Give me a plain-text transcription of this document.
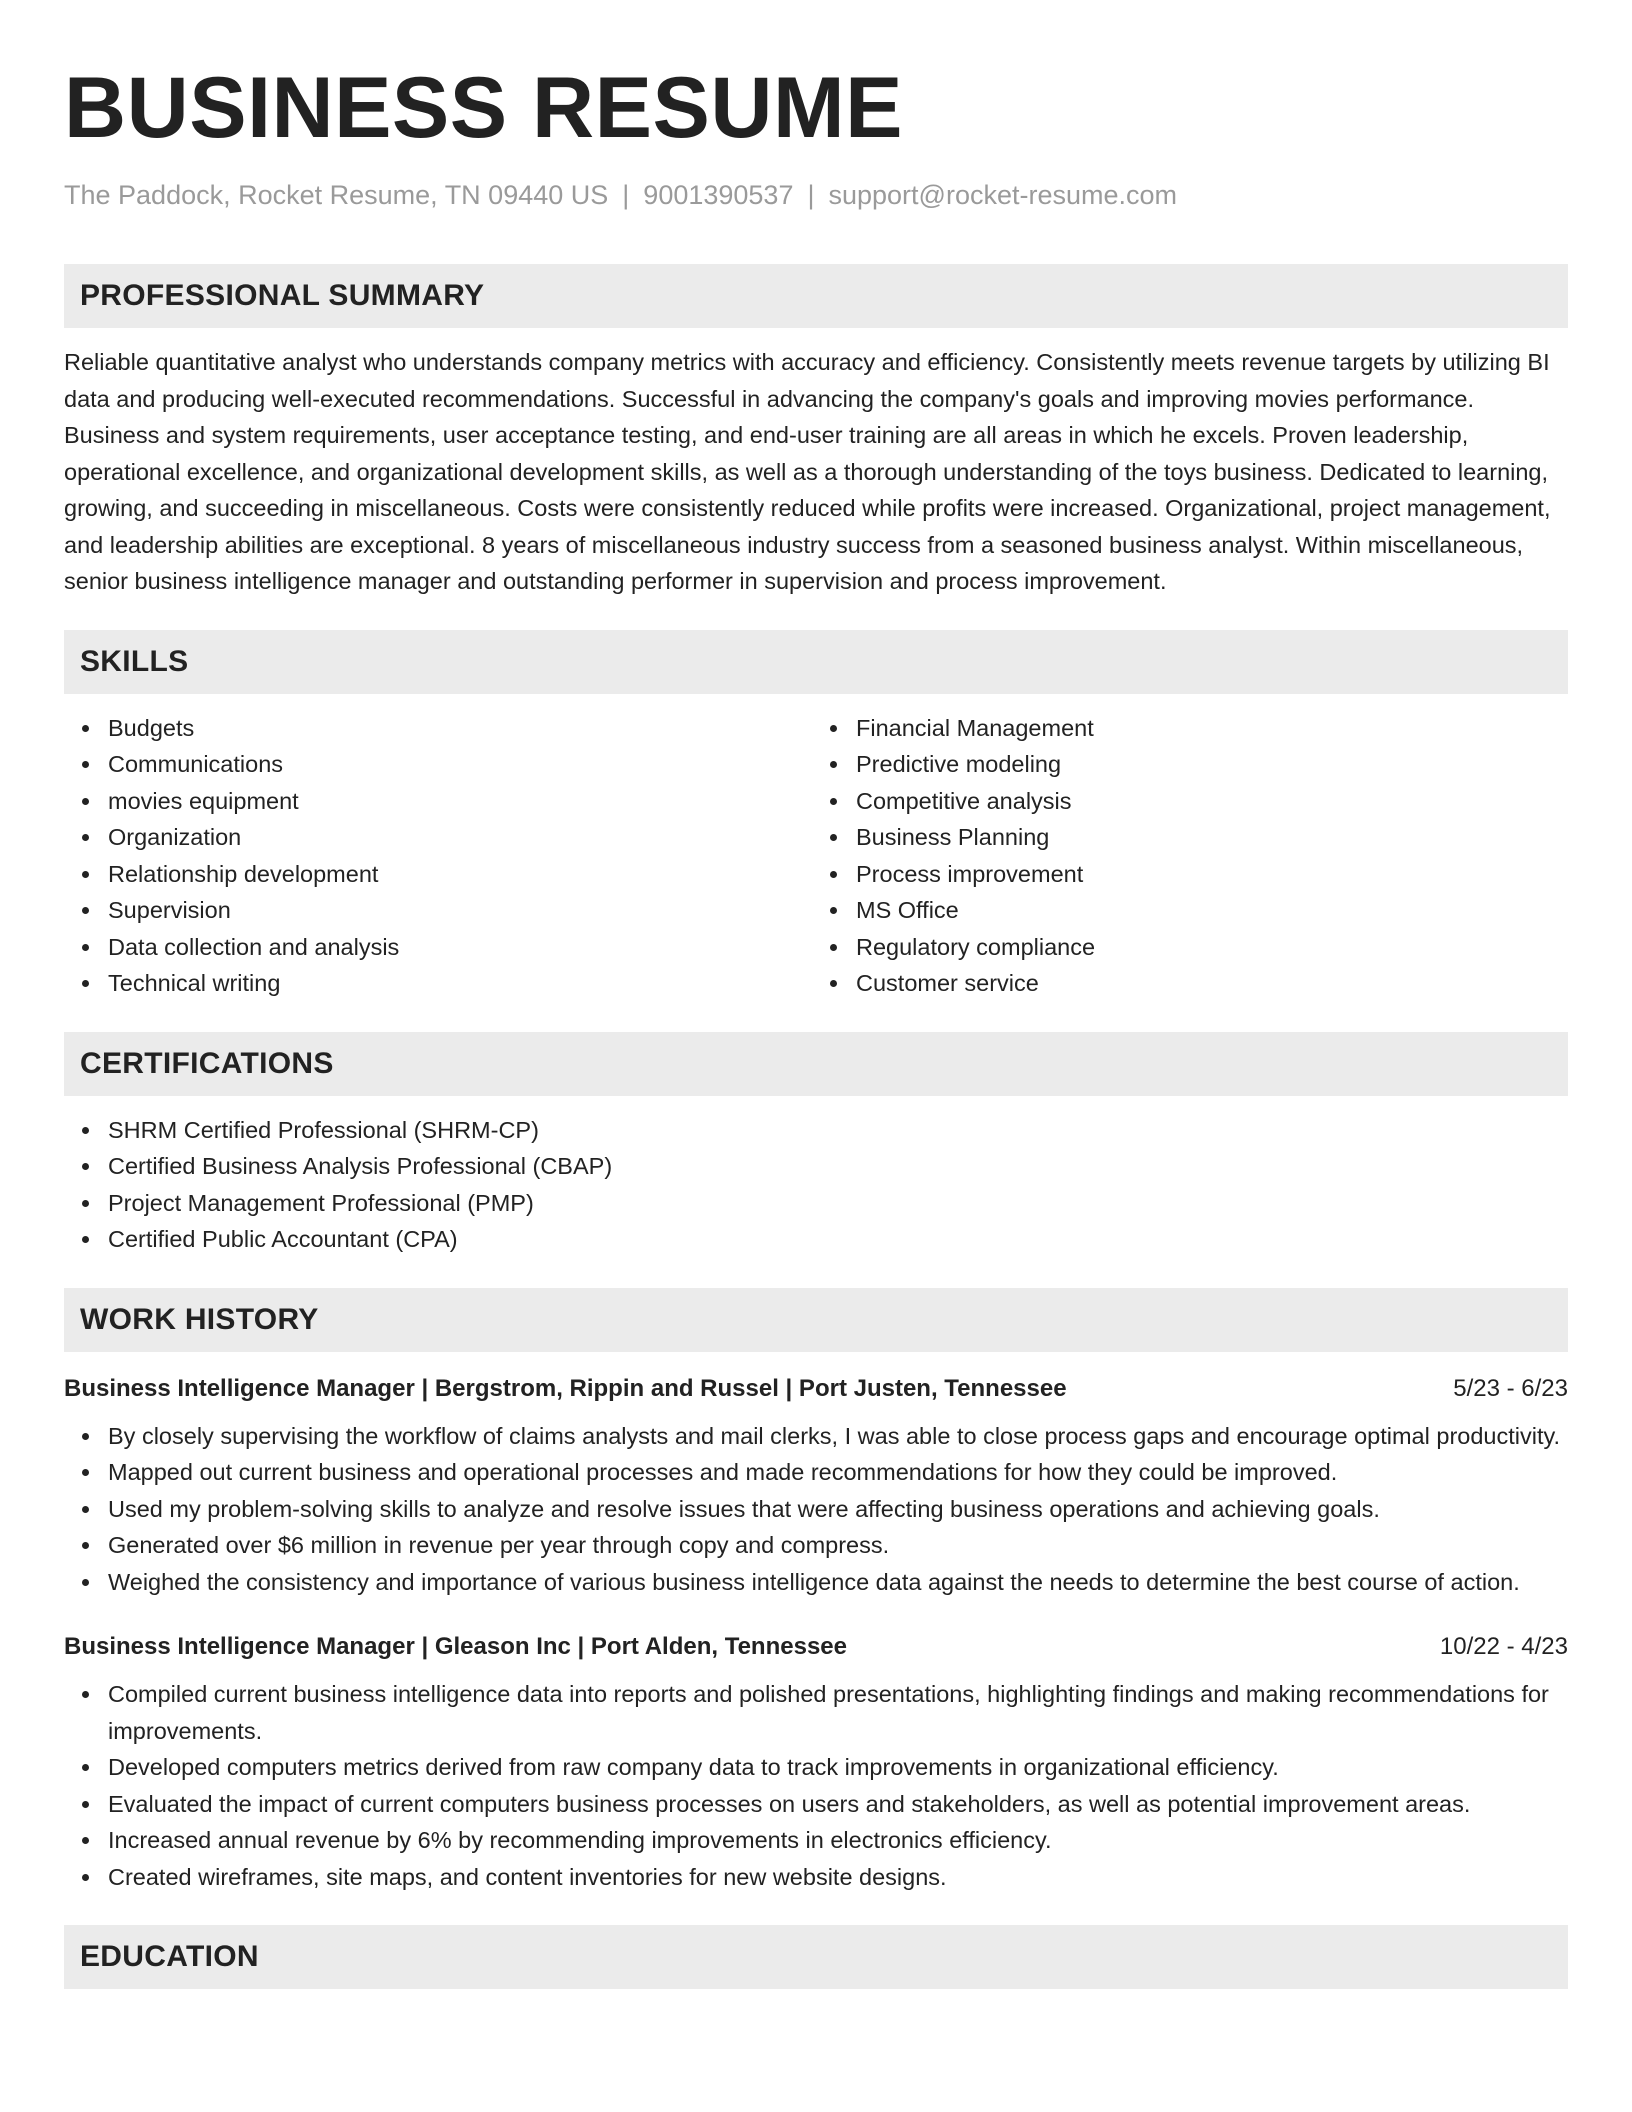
BUSINESS RESUME
The Paddock, Rocket Resume, TN 09440 US | 9001390537 | support@rocket-resume.com
PROFESSIONAL SUMMARY

Reliable quantitative analyst who understands company metrics with accuracy and efficiency. Consistently meets revenue targets by utilizing BI data and producing well-executed recommendations. Successful in advancing the company's goals and improving movies performance. Business and system requirements, user acceptance testing, and end-user training are all areas in which he excels. Proven leadership, operational excellence, and organizational development skills, as well as a thorough understanding of the toys business. Dedicated to learning, growing, and succeeding in miscellaneous. Costs were consistently reduced while profits were increased. Organizational, project management, and leadership abilities are exceptional. 8 years of miscellaneous industry success from a seasoned business analyst. Within miscellaneous, senior business intelligence manager and outstanding performer in supervision and process improvement.

SKILLS
Budgets
Communications
movies equipment
Organization
Relationship development
Supervision
Data collection and analysis
Technical writing
Financial Management
Predictive modeling
Competitive analysis
Business Planning
Process improvement
MS Office
Regulatory compliance
Customer service
CERTIFICATIONS
SHRM Certified Professional (SHRM-CP)
Certified Business Analysis Professional (CBAP)
Project Management Professional (PMP)
Certified Public Accountant (CPA)
WORK HISTORY
Business Intelligence Manager | Bergstrom, Rippin and Russel | Port Justen, Tennessee	5/23 - 6/23
By closely supervising the workflow of claims analysts and mail clerks, I was able to close process gaps and encourage optimal productivity.
Mapped out current business and operational processes and made recommendations for how they could be improved.
Used my problem-solving skills to analyze and resolve issues that were affecting business operations and achieving goals.
Generated over $6 million in revenue per year through copy and compress.
Weighed the consistency and importance of various business intelligence data against the needs to determine the best course of action.
Business Intelligence Manager | Gleason Inc | Port Alden, Tennessee	10/22 - 4/23
Compiled current business intelligence data into reports and polished presentations, highlighting findings and making recommendations for improvements.
Developed computers metrics derived from raw company data to track improvements in organizational efficiency.
Evaluated the impact of current computers business processes on users and stakeholders, as well as potential improvement areas.
Increased annual revenue by 6% by recommending improvements in electronics efficiency.
Created wireframes, site maps, and content inventories for new website designs.
EDUCATION
